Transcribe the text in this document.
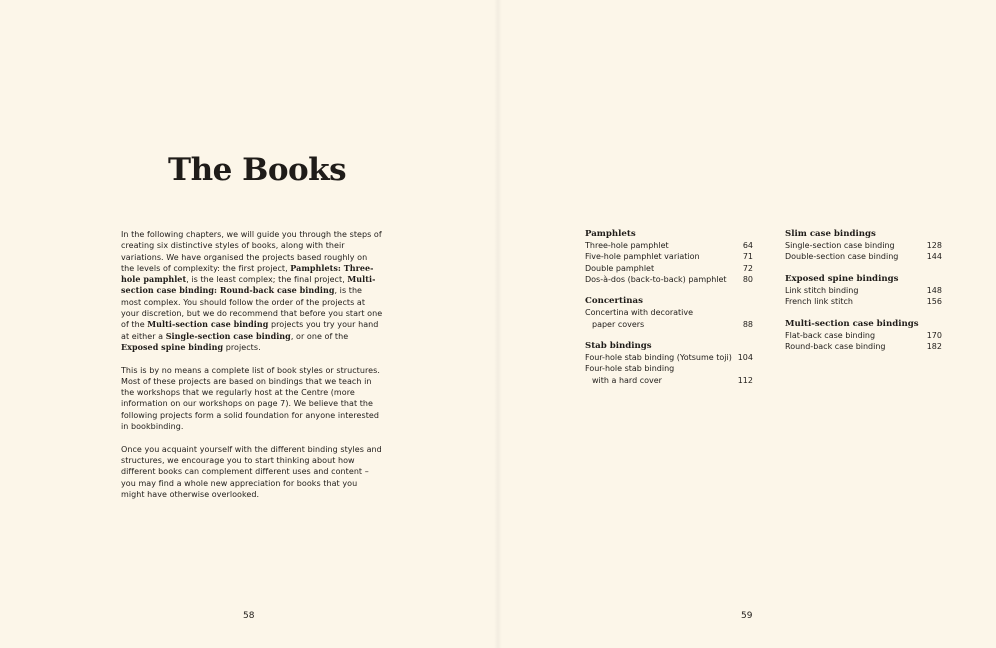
The Books

In the following chapters, we will guide you through the steps of creating six distinctive styles of books, along with their variations. We have organised the projects based roughly on the levels of complexity: the first project, Pamphlets: Three-hole pamphlet, is the least complex; the final project, Multi-section case binding: Round-back case binding, is the most complex. You should follow the order of the projects at your discretion, but we do recommend that before you start one of the Multi-section case binding projects you try your hand at either a Single-section case binding, or one of the Exposed spine binding projects.

This is by no means a complete list of book styles or structures. Most of these projects are based on bindings that we teach in the workshops that we regularly host at the Centre (more information on our workshops on page 7). We believe that the following projects form a solid foundation for anyone interested in bookbinding.

Once you acquaint yourself with the different binding styles and structures, we encourage you to start thinking about how different books can complement different uses and content – you may find a whole new appreciation for books that you might have otherwise overlooked.

Pamphlets
Three-hole pamphlet	64
Five-hole pamphlet variation	71
Double pamphlet	72
Dos-à-dos (back-to-back) pamphlet	80
Concertinas
Concertina with decorative
paper covers	88
Stab bindings
Four-hole stab binding (Yotsume toji) 104
Four-hole stab binding
with a hard cover	112
Slim case bindings
Single-section case binding	128
Double-section case binding	144
Exposed spine bindings
Link stitch binding	148
French link stitch	156
Multi-section case bindings
Flat-back case binding	170
Round-back case binding	182
58	59
